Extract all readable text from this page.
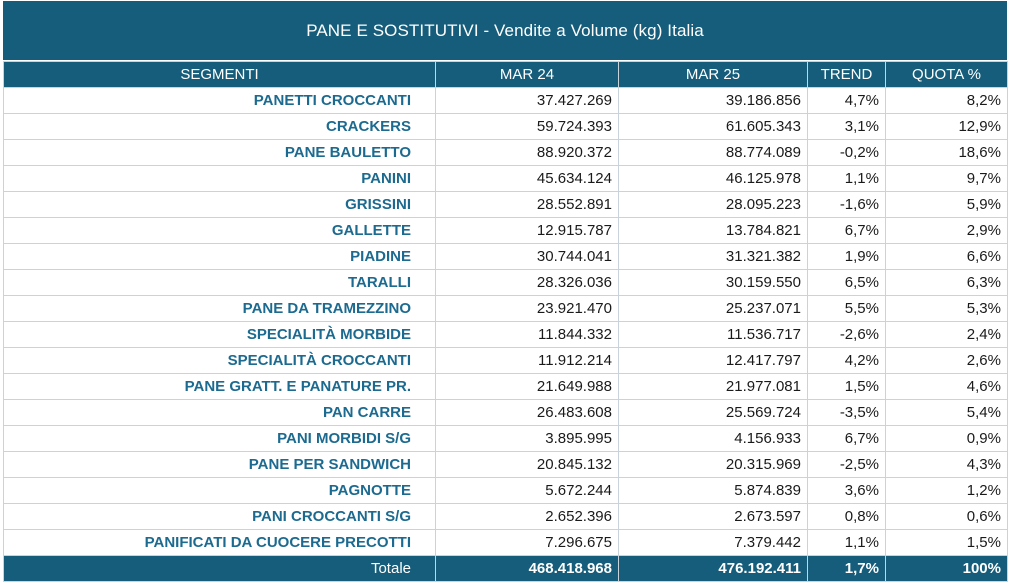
PANE E SOSTITUTIVI - Vendite a Volume (kg) Italia
SEGMENTI	MAR 24	MAR 25	TREND	QUOTA %
PANETTI CROCCANTI	37.427.269	39.186.856	4,7%	8,2%
CRACKERS	59.724.393	61.605.343	3,1%	12,9%
PANE BAULETTO	88.920.372	88.774.089	-0,2%	18,6%
PANINI	45.634.124	46.125.978	1,1%	9,7%
GRISSINI	28.552.891	28.095.223	-1,6%	5,9%
GALLETTE	12.915.787	13.784.821	6,7%	2,9%
PIADINE	30.744.041	31.321.382	1,9%	6,6%
TARALLI	28.326.036	30.159.550	6,5%	6,3%
PANE DA TRAMEZZINO	23.921.470	25.237.071	5,5%	5,3%
SPECIALITÀ MORBIDE	11.844.332	11.536.717	-2,6%	2,4%
SPECIALITÀ CROCCANTI	11.912.214	12.417.797	4,2%	2,6%
PANE GRATT. E PANATURE PR.	21.649.988	21.977.081	1,5%	4,6%
PAN CARRE	26.483.608	25.569.724	-3,5%	5,4%
PANI MORBIDI S/G	3.895.995	4.156.933	6,7%	0,9%
PANE PER SANDWICH	20.845.132	20.315.969	-2,5%	4,3%
PAGNOTTE	5.672.244	5.874.839	3,6%	1,2%
PANI CROCCANTI S/G	2.652.396	2.673.597	0,8%	0,6%
PANIFICATI DA CUOCERE PRECOTTI	7.296.675	7.379.442	1,1%	1,5%
Totale	468.418.968	476.192.411	1,7%	100%
